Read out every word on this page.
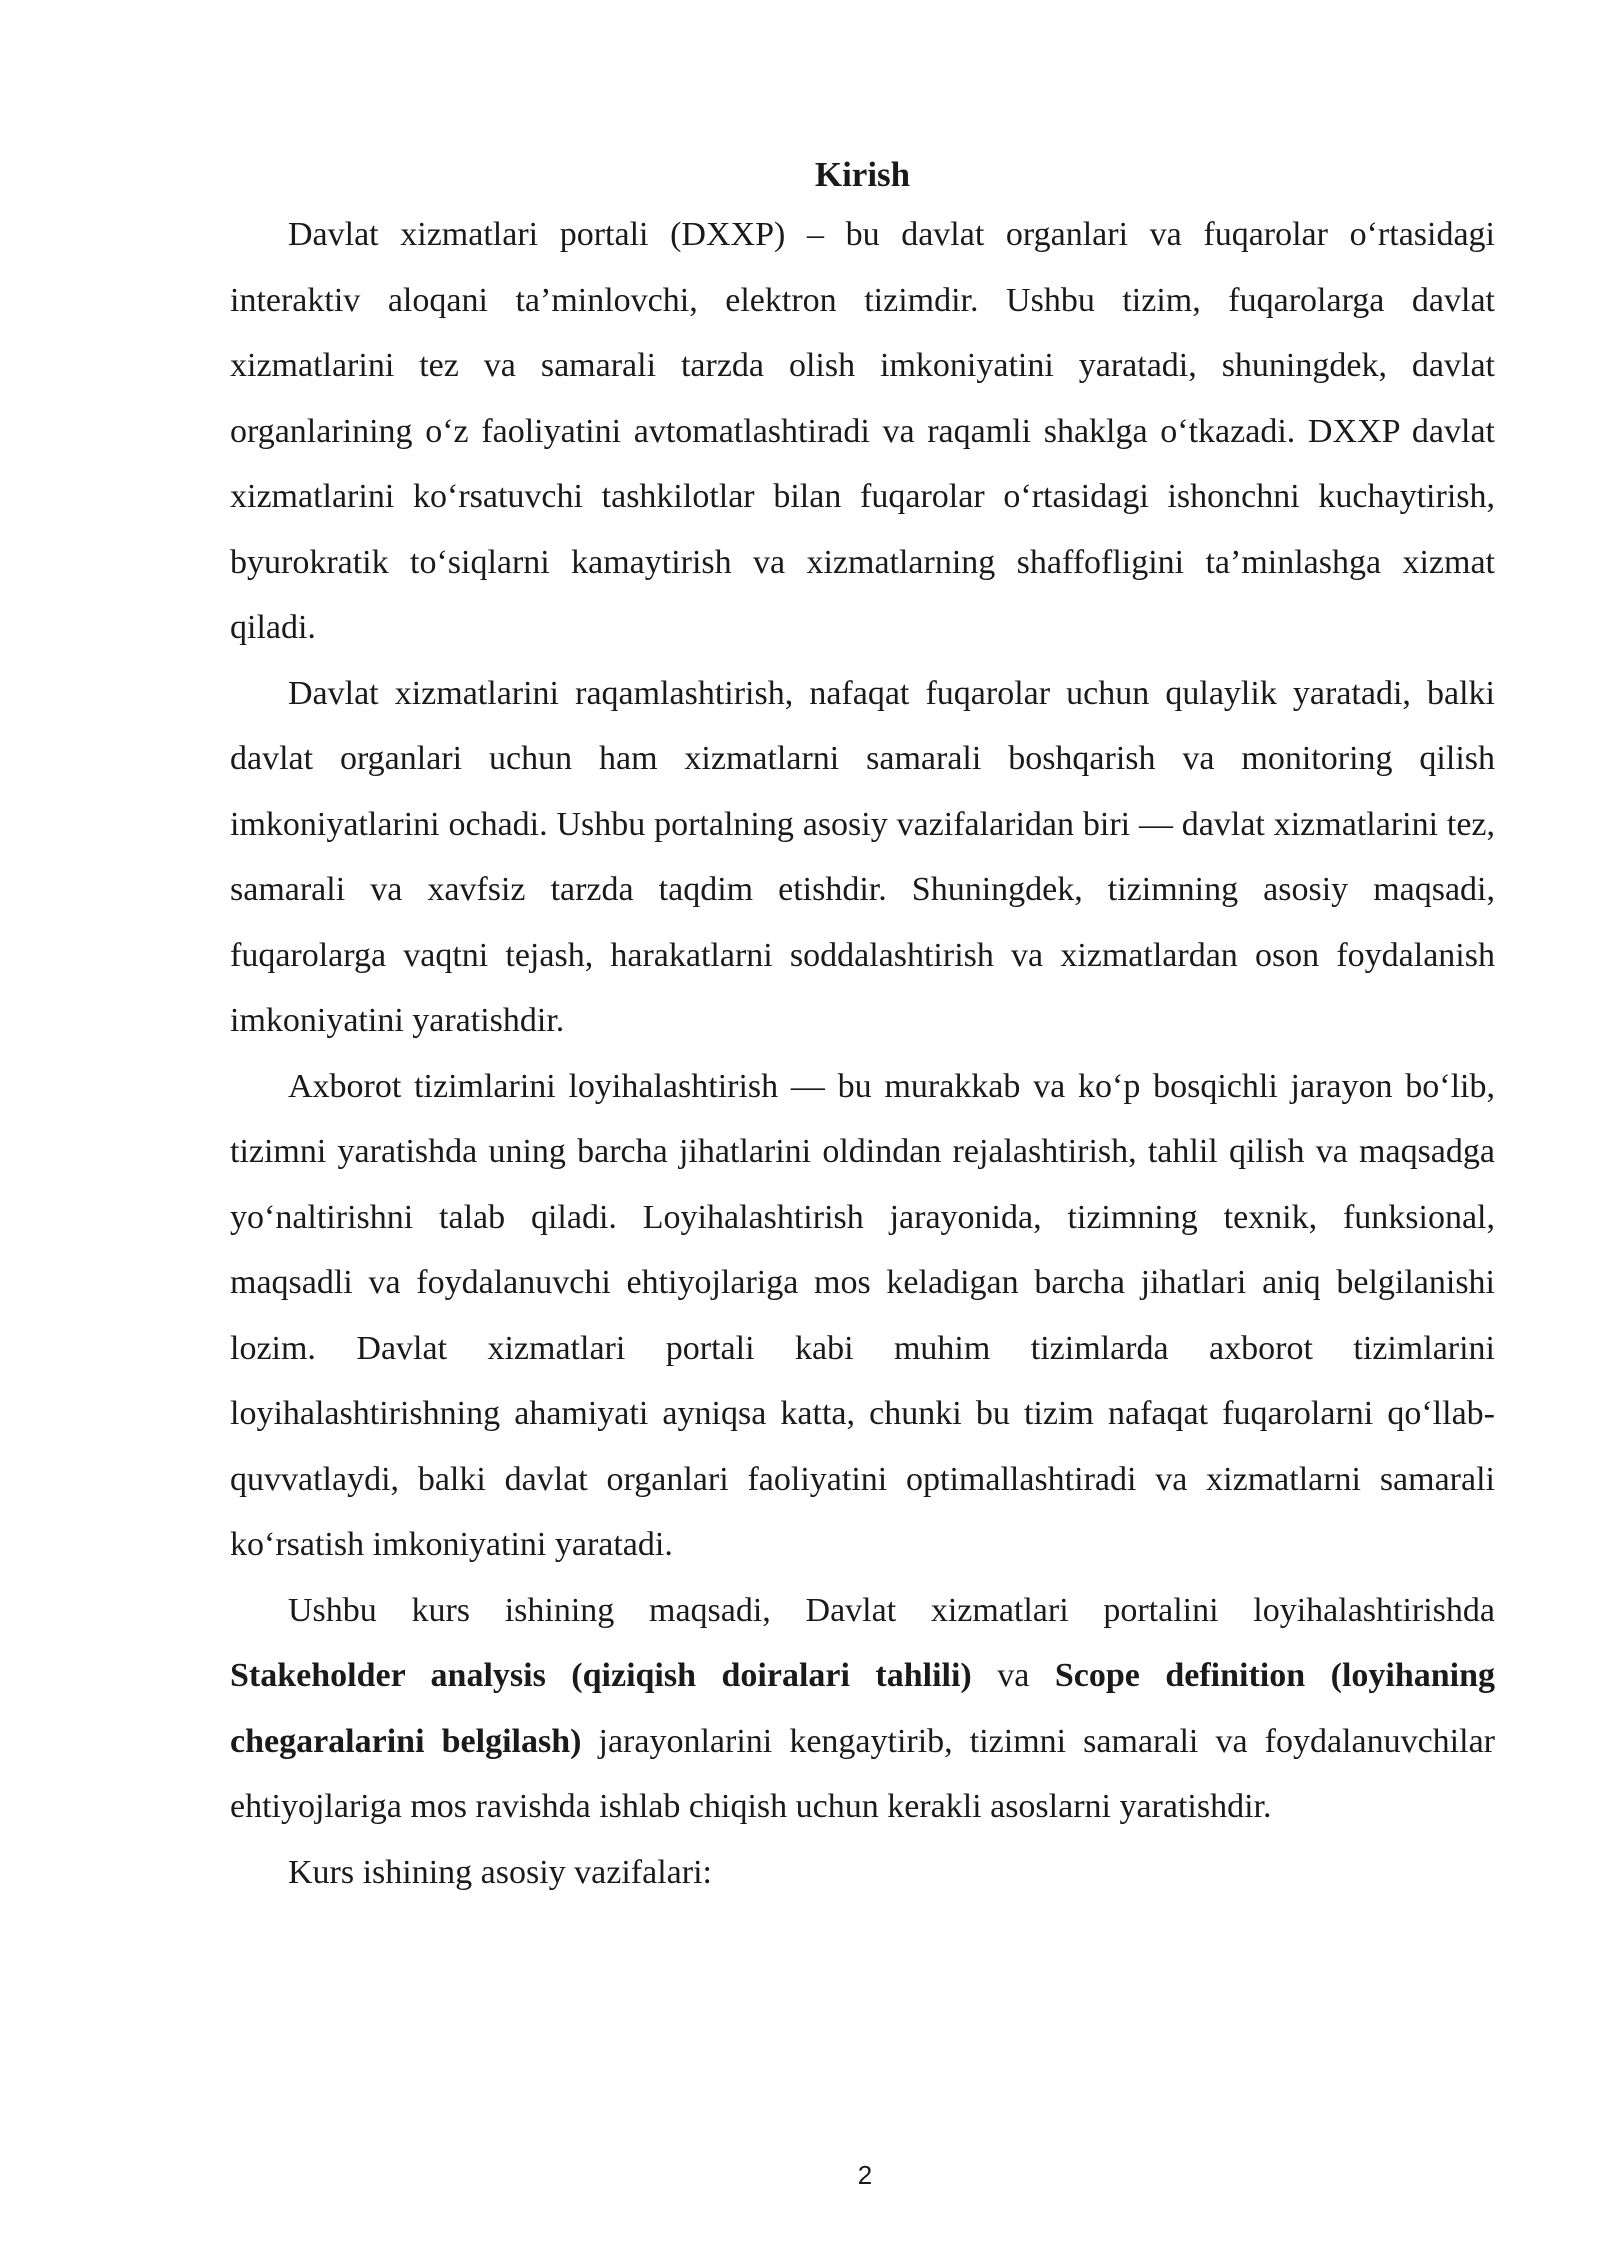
Kirish

Davlat xizmatlari portali (DXXP) – bu davlat organlari va fuqarolar o‘rtasidagi interaktiv aloqani ta’minlovchi, elektron tizimdir. Ushbu tizim, fuqarolarga davlat xizmatlarini tez va samarali tarzda olish imkoniyatini yaratadi, shuningdek, davlat organlarining o‘z faoliyatini avtomatlashtiradi va raqamli shaklga o‘tkazadi. DXXP davlat xizmatlarini ko‘rsatuvchi tashkilotlar bilan fuqarolar o‘rtasidagi ishonchni kuchaytirish, byurokratik to‘siqlarni kamaytirish va xizmatlarning shaffofligini ta’minlashga xizmat qiladi.

Davlat xizmatlarini raqamlashtirish, nafaqat fuqarolar uchun qulaylik yaratadi, balki davlat organlari uchun ham xizmatlarni samarali boshqarish va monitoring qilish imkoniyatlarini ochadi. Ushbu portalning asosiy vazifalaridan biri — davlat xizmatlarini tez, samarali va xavfsiz tarzda taqdim etishdir. Shuningdek, tizimning asosiy maqsadi, fuqarolarga vaqtni tejash, harakatlarni soddalashtirish va xizmatlardan oson foydalanish imkoniyatini yaratishdir.

Axborot tizimlarini loyihalashtirish — bu murakkab va ko‘p bosqichli jarayon bo‘lib, tizimni yaratishda uning barcha jihatlarini oldindan rejalashtirish, tahlil qilish va maqsadga yo‘naltirishni talab qiladi. Loyihalashtirish jarayonida, tizimning texnik, funksional, maqsadli va foydalanuvchi ehtiyojlariga mos keladigan barcha jihatlari aniq belgilanishi lozim. Davlat xizmatlari portali kabi muhim tizimlarda axborot tizimlarini loyihalashtirishning ahamiyati ayniqsa katta, chunki bu tizim nafaqat fuqarolarni qo‘llab-quvvatlaydi, balki davlat organlari faoliyatini optimallashtiradi va xizmatlarni samarali ko‘rsatish imkoniyatini yaratadi.

Ushbu kurs ishining maqsadi, Davlat xizmatlari portalini loyihalashtirishda Stakeholder analysis (qiziqish doiralari tahlili) va Scope definition (loyihaning chegaralarini belgilash) jarayonlarini kengaytirib, tizimni samarali va foydalanuvchilar ehtiyojlariga mos ravishda ishlab chiqish uchun kerakli asoslarni yaratishdir.

Kurs ishining asosiy vazifalari:

2
